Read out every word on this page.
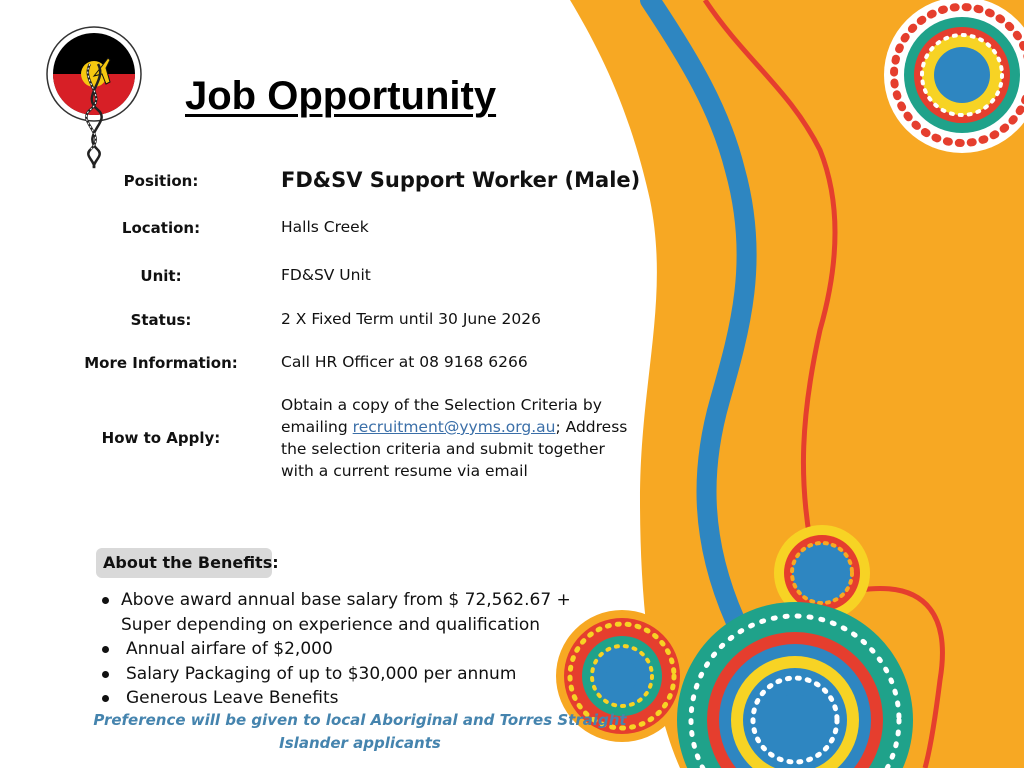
Job Opportunity
Position:	FD&SV Support Worker (Male)
Location:	Halls Creek
Unit:	FD&SV Unit
Status:	2 X Fixed Term until 30 June 2026
More Information:	Call HR Officer at 08 9168 6266
How to Apply:
Obtain a copy of the Selection Criteria by emailing recruitment@yyms.org.au; Address the selection criteria and submit together with a current resume via email
About the Benefits:
Above award annual base salary from $ 72,562.67 + Super depending on experience and qualification
Annual airfare of $2,000
Salary Packaging of up to $30,000 per annum
Generous Leave Benefits
Preference will be given to local Aboriginal and Torres Straight Islander applicants
